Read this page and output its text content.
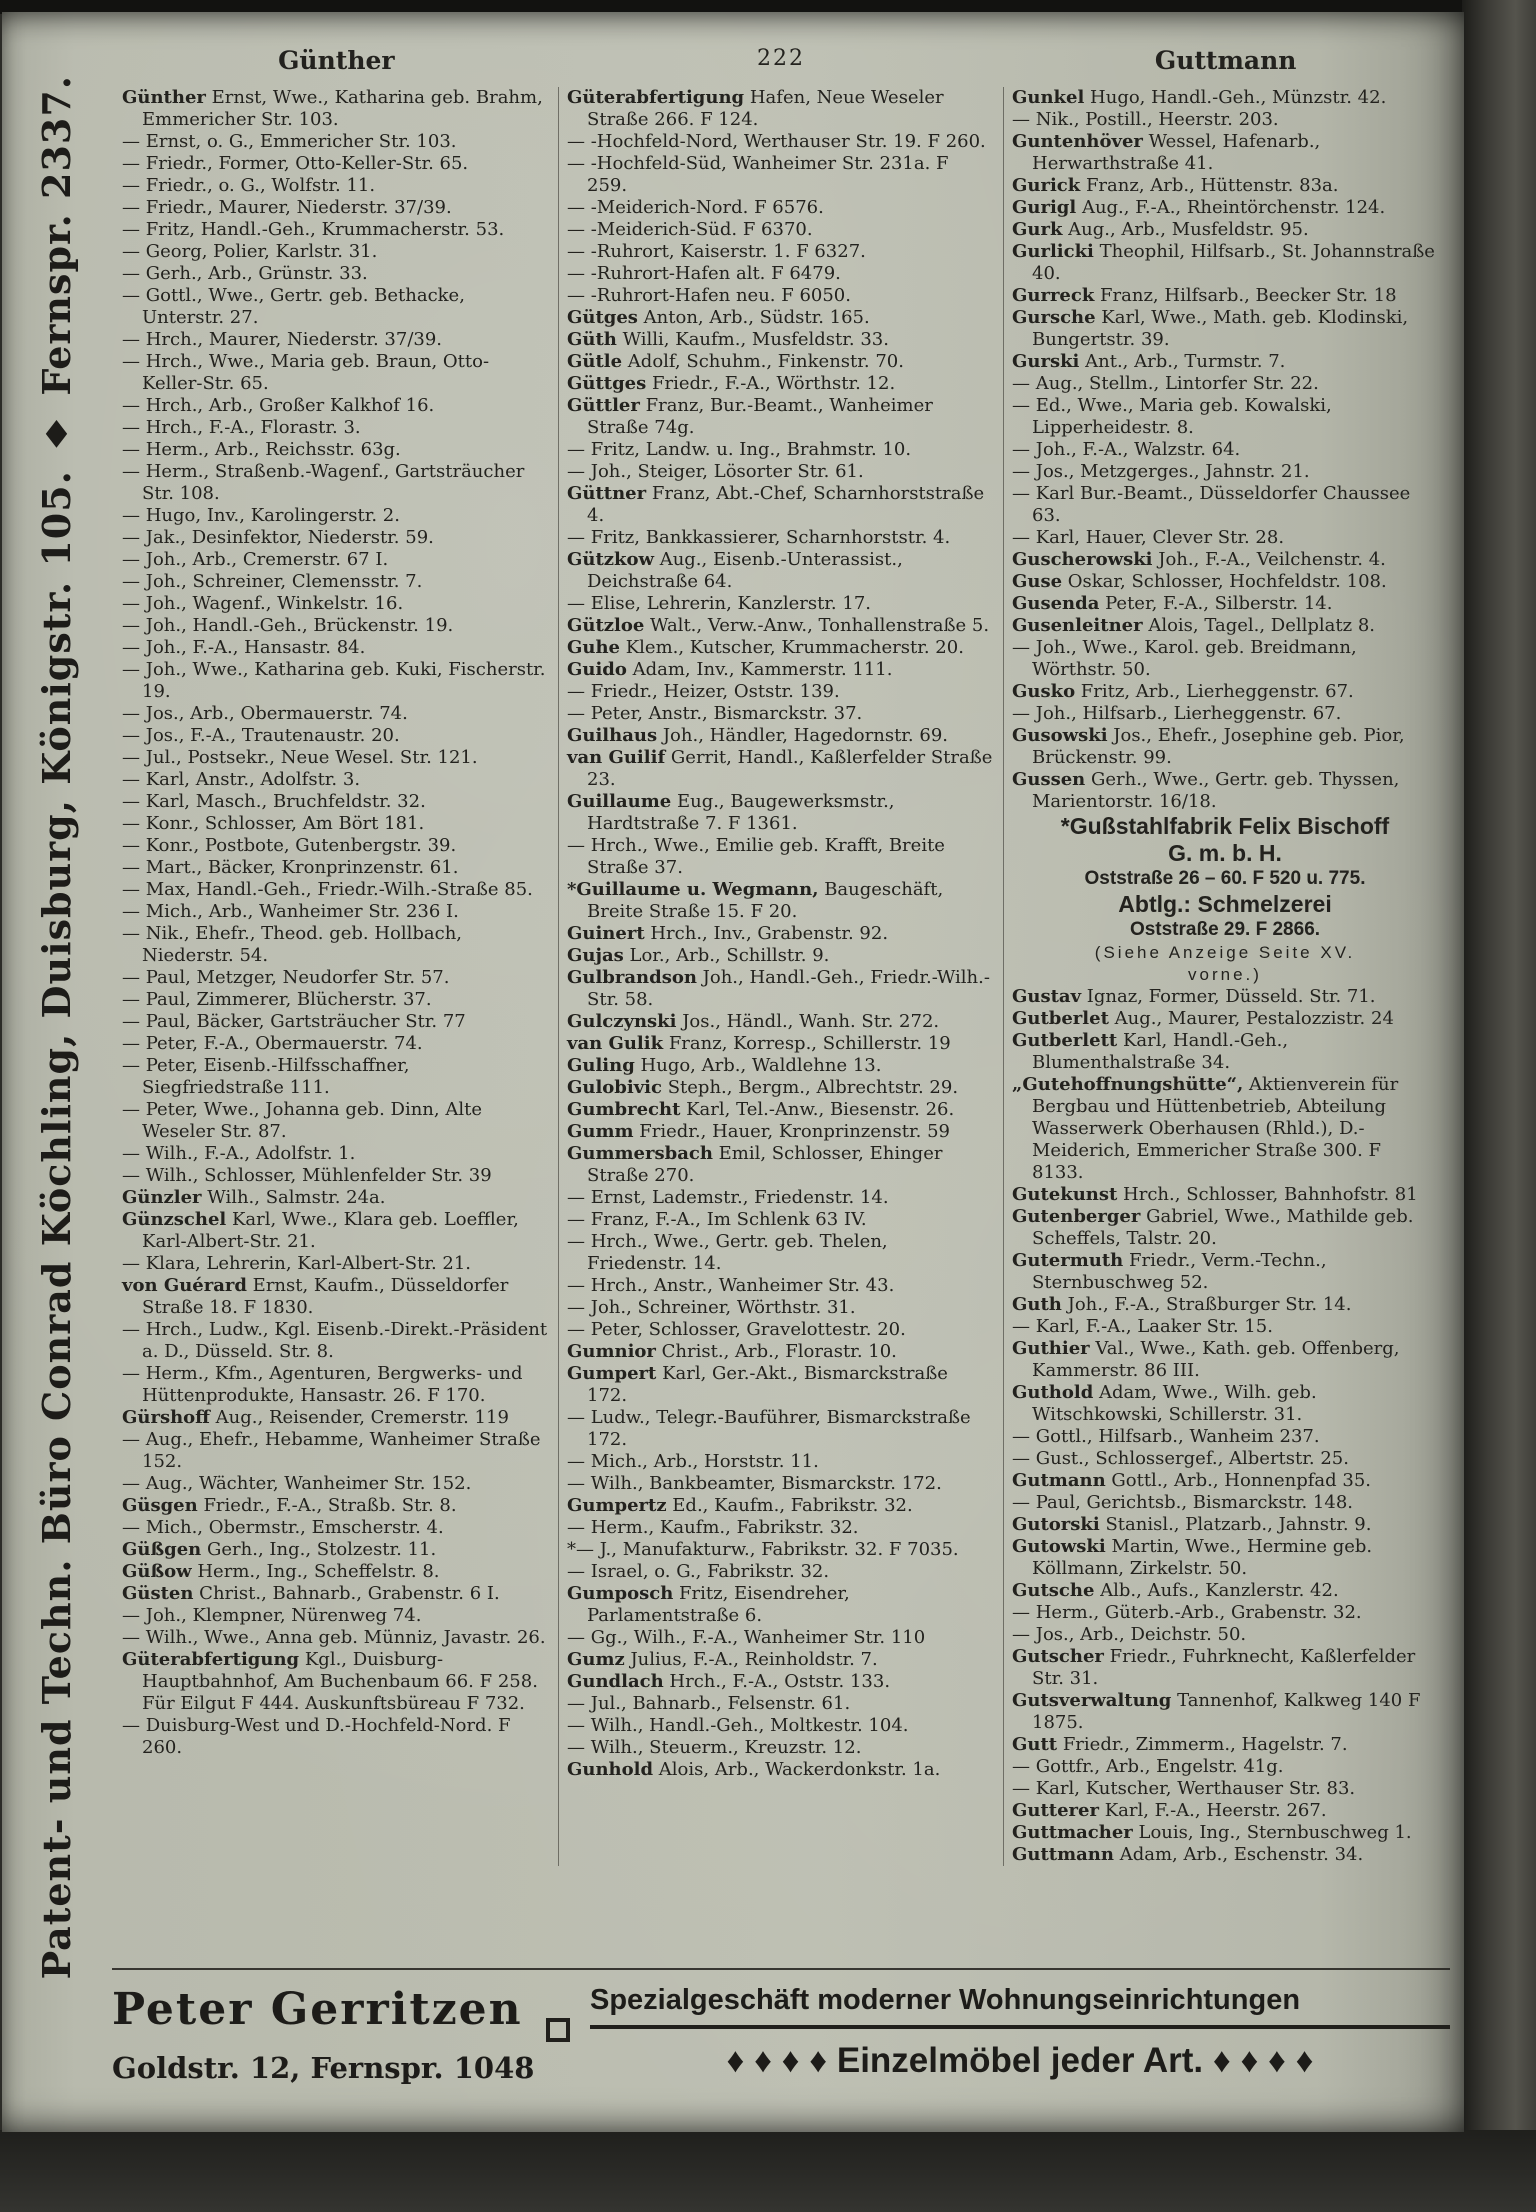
Patent- und Techn. Büro Conrad Köchling, Duisburg, Königstr. 105. ♦ Fernspr. 2337.
Günther	222	Guttmann
Günther Ernst, Wwe., Katharina geb. Brahm, Emmericher Str. 103.
— Ernst, o. G., Emmericher Str. 103.
— Friedr., Former, Otto-Keller-Str. 65.
— Friedr., o. G., Wolfstr. 11.
— Friedr., Maurer, Niederstr. 37/39.
— Fritz, Handl.-Geh., Krummacherstr. 53.
— Georg, Polier, Karlstr. 31.
— Gerh., Arb., Grünstr. 33.
— Gottl., Wwe., Gertr. geb. Bethacke, Unterstr. 27.
— Hrch., Maurer, Niederstr. 37/39.
— Hrch., Wwe., Maria geb. Braun, Otto-Keller-Str. 65.
— Hrch., Arb., Großer Kalkhof 16.
— Hrch., F.-A., Florastr. 3.
— Herm., Arb., Reichsstr. 63g.
— Herm., Straßenb.-Wagenf., Gartsträucher Str. 108.
— Hugo, Inv., Karolingerstr. 2.
— Jak., Desinfektor, Niederstr. 59.
— Joh., Arb., Cremerstr. 67 I.
— Joh., Schreiner, Clemensstr. 7.
— Joh., Wagenf., Winkelstr. 16.
— Joh., Handl.-Geh., Brückenstr. 19.
— Joh., F.-A., Hansastr. 84.
— Joh., Wwe., Katharina geb. Kuki, Fischerstr. 19.
— Jos., Arb., Obermauerstr. 74.
— Jos., F.-A., Trautenaustr. 20.
— Jul., Postsekr., Neue Wesel. Str. 121.
— Karl, Anstr., Adolfstr. 3.
— Karl, Masch., Bruchfeldstr. 32.
— Konr., Schlosser, Am Bört 181.
— Konr., Postbote, Gutenbergstr. 39.
— Mart., Bäcker, Kronprinzenstr. 61.
— Max, Handl.-Geh., Friedr.-Wilh.-Straße 85.
— Mich., Arb., Wanheimer Str. 236 I.
— Nik., Ehefr., Theod. geb. Hollbach, Niederstr. 54.
— Paul, Metzger, Neudorfer Str. 57.
— Paul, Zimmerer, Blücherstr. 37.
— Paul, Bäcker, Gartsträucher Str. 77
— Peter, F.-A., Obermauerstr. 74.
— Peter, Eisenb.-Hilfsschaffner, Siegfriedstraße 111.
— Peter, Wwe., Johanna geb. Dinn, Alte Weseler Str. 87.
— Wilh., F.-A., Adolfstr. 1.
— Wilh., Schlosser, Mühlenfelder Str. 39
Günzler Wilh., Salmstr. 24a.
Günzschel Karl, Wwe., Klara geb. Loeffler, Karl-Albert-Str. 21.
— Klara, Lehrerin, Karl-Albert-Str. 21.
von Guérard Ernst, Kaufm., Düsseldorfer Straße 18. F 1830.
— Hrch., Ludw., Kgl. Eisenb.-Direkt.-Präsident a. D., Düsseld. Str. 8.
— Herm., Kfm., Agenturen, Bergwerks- und Hüttenprodukte, Hansastr. 26. F 170.
Gürshoff Aug., Reisender, Cremerstr. 119
— Aug., Ehefr., Hebamme, Wanheimer Straße 152.
— Aug., Wächter, Wanheimer Str. 152.
Güsgen Friedr., F.-A., Straßb. Str. 8.
— Mich., Obermstr., Emscherstr. 4.
Güßgen Gerh., Ing., Stolzestr. 11.
Güßow Herm., Ing., Scheffelstr. 8.
Güsten Christ., Bahnarb., Grabenstr. 6 I.
— Joh., Klempner, Nürenweg 74.
— Wilh., Wwe., Anna geb. Münniz, Javastr. 26.
Güterabfertigung Kgl., Duisburg-Hauptbahnhof, Am Buchenbaum 66. F 258. Für Eilgut F 444. Auskunftsbüreau F 732.
— Duisburg-West und D.-Hochfeld-Nord. F 260.
Güterabfertigung Hafen, Neue Weseler Straße 266. F 124.
— -Hochfeld-Nord, Werthauser Str. 19. F 260.
— -Hochfeld-Süd, Wanheimer Str. 231a. F 259.
— -Meiderich-Nord. F 6576.
— -Meiderich-Süd. F 6370.
— -Ruhrort, Kaiserstr. 1. F 6327.
— -Ruhrort-Hafen alt. F 6479.
— -Ruhrort-Hafen neu. F 6050.
Gütges Anton, Arb., Südstr. 165.
Güth Willi, Kaufm., Musfeldstr. 33.
Gütle Adolf, Schuhm., Finkenstr. 70.
Güttges Friedr., F.-A., Wörthstr. 12.
Güttler Franz, Bur.-Beamt., Wanheimer Straße 74g.
— Fritz, Landw. u. Ing., Brahmstr. 10.
— Joh., Steiger, Lösorter Str. 61.
Güttner Franz, Abt.-Chef, Scharnhorststraße 4.
— Fritz, Bankkassierer, Scharnhorststr. 4.
Gützkow Aug., Eisenb.-Unterassist., Deichstraße 64.
— Elise, Lehrerin, Kanzlerstr. 17.
Gützloe Walt., Verw.-Anw., Tonhallenstraße 5.
Guhe Klem., Kutscher, Krummacherstr. 20.
Guido Adam, Inv., Kammerstr. 111.
— Friedr., Heizer, Oststr. 139.
— Peter, Anstr., Bismarckstr. 37.
Guilhaus Joh., Händler, Hagedornstr. 69.
van Guilif Gerrit, Handl., Kaßlerfelder Straße 23.
Guillaume Eug., Baugewerksmstr., Hardtstraße 7. F 1361.
— Hrch., Wwe., Emilie geb. Krafft, Breite Straße 37.
*Guillaume u. Wegmann, Baugeschäft, Breite Straße 15. F 20.
Guinert Hrch., Inv., Grabenstr. 92.
Gujas Lor., Arb., Schillstr. 9.
Gulbrandson Joh., Handl.-Geh., Friedr.-Wilh.-Str. 58.
Gulczynski Jos., Händl., Wanh. Str. 272.
van Gulik Franz, Korresp., Schillerstr. 19
Guling Hugo, Arb., Waldlehne 13.
Gulobivic Steph., Bergm., Albrechtstr. 29.
Gumbrecht Karl, Tel.-Anw., Biesenstr. 26.
Gumm Friedr., Hauer, Kronprinzenstr. 59
Gummersbach Emil, Schlosser, Ehinger Straße 270.
— Ernst, Lademstr., Friedenstr. 14.
— Franz, F.-A., Im Schlenk 63 IV.
— Hrch., Wwe., Gertr. geb. Thelen, Friedenstr. 14.
— Hrch., Anstr., Wanheimer Str. 43.
— Joh., Schreiner, Wörthstr. 31.
— Peter, Schlosser, Gravelottestr. 20.
Gumnior Christ., Arb., Florastr. 10.
Gumpert Karl, Ger.-Akt., Bismarckstraße 172.
— Ludw., Telegr.-Bauführer, Bismarckstraße 172.
— Mich., Arb., Horststr. 11.
— Wilh., Bankbeamter, Bismarckstr. 172.
Gumpertz Ed., Kaufm., Fabrikstr. 32.
— Herm., Kaufm., Fabrikstr. 32.
*— J., Manufakturw., Fabrikstr. 32. F 7035.
— Israel, o. G., Fabrikstr. 32.
Gumposch Fritz, Eisendreher, Parlamentstraße 6.
— Gg., Wilh., F.-A., Wanheimer Str. 110
Gumz Julius, F.-A., Reinholdstr. 7.
Gundlach Hrch., F.-A., Oststr. 133.
— Jul., Bahnarb., Felsenstr. 61.
— Wilh., Handl.-Geh., Moltkestr. 104.
— Wilh., Steuerm., Kreuzstr. 12.
Gunhold Alois, Arb., Wackerdonkstr. 1a.
Gunkel Hugo, Handl.-Geh., Münzstr. 42.
— Nik., Postill., Heerstr. 203.
Guntenhöver Wessel, Hafenarb., Herwarthstraße 41.
Gurick Franz, Arb., Hüttenstr. 83a.
Gurigl Aug., F.-A., Rheintörchenstr. 124.
Gurk Aug., Arb., Musfeldstr. 95.
Gurlicki Theophil, Hilfsarb., St. Johannstraße 40.
Gurreck Franz, Hilfsarb., Beecker Str. 18
Gursche Karl, Wwe., Math. geb. Klodinski, Bungertstr. 39.
Gurski Ant., Arb., Turmstr. 7.
— Aug., Stellm., Lintorfer Str. 22.
— Ed., Wwe., Maria geb. Kowalski, Lipperheidestr. 8.
— Joh., F.-A., Walzstr. 64.
— Jos., Metzgerges., Jahnstr. 21.
— Karl Bur.-Beamt., Düsseldorfer Chaussee 63.
— Karl, Hauer, Clever Str. 28.
Guscherowski Joh., F.-A., Veilchenstr. 4.
Guse Oskar, Schlosser, Hochfeldstr. 108.
Gusenda Peter, F.-A., Silberstr. 14.
Gusenleitner Alois, Tagel., Dellplatz 8.
— Joh., Wwe., Karol. geb. Breidmann, Wörthstr. 50.
Gusko Fritz, Arb., Lierheggenstr. 67.
— Joh., Hilfsarb., Lierheggenstr. 67.
Gusowski Jos., Ehefr., Josephine geb. Pior, Brückenstr. 99.
Gussen Gerh., Wwe., Gertr. geb. Thyssen, Marientorstr. 16/18.
*Gußstahlfabrik Felix Bischoff
G. m. b. H.
Oststraße 26 – 60. F 520 u. 775.
Abtlg.: Schmelzerei
Oststraße 29. F 2866.
(Siehe Anzeige Seite XV.
vorne.)
Gustav Ignaz, Former, Düsseld. Str. 71.
Gutberlet Aug., Maurer, Pestalozzistr. 24
Gutberlett Karl, Handl.-Geh., Blumenthalstraße 34.
„Gutehoffnungshütte“, Aktienverein für Bergbau und Hüttenbetrieb, Abteilung Wasserwerk Oberhausen (Rhld.), D.-Meiderich, Emmericher Straße 300. F 8133.
Gutekunst Hrch., Schlosser, Bahnhofstr. 81
Gutenberger Gabriel, Wwe., Mathilde geb. Scheffels, Talstr. 20.
Gutermuth Friedr., Verm.-Techn., Sternbuschweg 52.
Guth Joh., F.-A., Straßburger Str. 14.
— Karl, F.-A., Laaker Str. 15.
Guthier Val., Wwe., Kath. geb. Offenberg, Kammerstr. 86 III.
Guthold Adam, Wwe., Wilh. geb. Witschkowski, Schillerstr. 31.
— Gottl., Hilfsarb., Wanheim 237.
— Gust., Schlossergef., Albertstr. 25.
Gutmann Gottl., Arb., Honnenpfad 35.
— Paul, Gerichtsb., Bismarckstr. 148.
Gutorski Stanisl., Platzarb., Jahnstr. 9.
Gutowski Martin, Wwe., Hermine geb. Köllmann, Zirkelstr. 50.
Gutsche Alb., Aufs., Kanzlerstr. 42.
— Herm., Güterb.-Arb., Grabenstr. 32.
— Jos., Arb., Deichstr. 50.
Gutscher Friedr., Fuhrknecht, Kaßlerfelder Str. 31.
Gutsverwaltung Tannenhof, Kalkweg 140 F 1875.
Gutt Friedr., Zimmerm., Hagelstr. 7.
— Gottfr., Arb., Engelstr. 41g.
— Karl, Kutscher, Werthauser Str. 83.
Gutterer Karl, F.-A., Heerstr. 267.
Guttmacher Louis, Ing., Sternbuschweg 1.
Guttmann Adam, Arb., Eschenstr. 34.
Peter Gerritzen
Goldstr. 12, Fernspr. 1048
Spezialgeschäft moderner Wohnungseinrichtungen
♦ ♦ ♦ ♦ Einzelmöbel jeder Art. ♦ ♦ ♦ ♦
